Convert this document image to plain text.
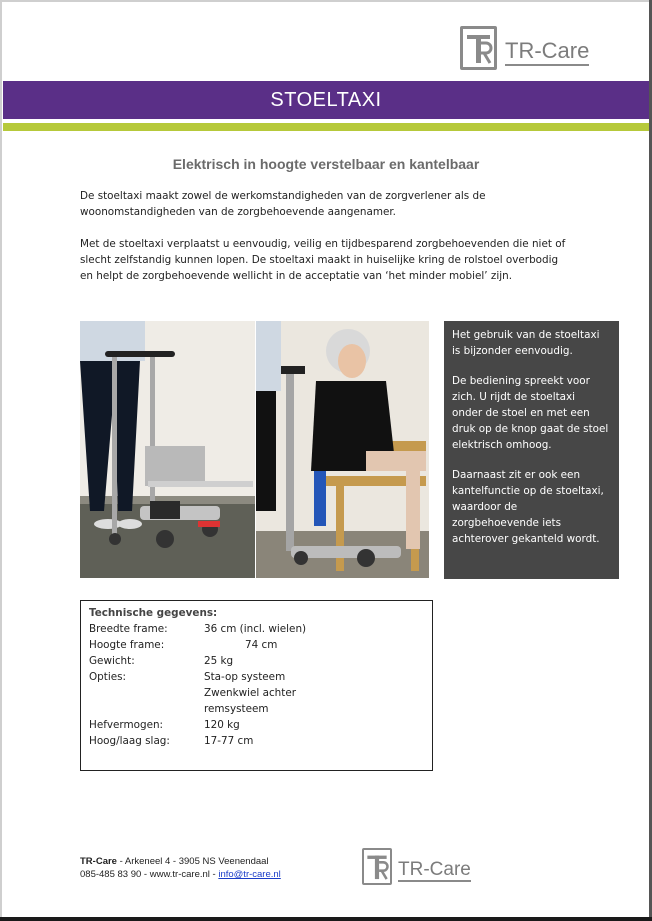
TR-Care
STOELTAXI
Elektrisch in hoogte verstelbaar en kantelbaar
De stoeltaxi maakt zowel de werkomstandigheden van de zorgverlener als de
woonomstandigheden van de zorgbehoevende aangenamer.
Met de stoeltaxi verplaatst u eenvoudig, veilig en tijdbesparend zorgbehoevenden die niet of
slecht zelfstandig kunnen lopen. De stoeltaxi maakt in huiselijke kring de rolstoel overbodig
en helpt de zorgbehoevende wellicht in de acceptatie van ‘het minder mobiel’ zijn.

Het gebruik van de stoeltaxi
is bijzonder eenvoudig.

De bediening spreekt voor
zich. U rijdt de stoeltaxi
onder de stoel en met een
druk op de knop gaat de stoel
elektrisch omhoog.

Daarnaast zit er ook een
kantelfunctie op de stoeltaxi,
waardoor de
zorgbehoevende iets
achterover gekanteld wordt.

Technische gegevens:
Breedte frame:	36 cm (incl. wielen)
Hoogte frame:	74 cm
Gewicht:	25 kg
Opties:	Sta-op systeem
Zwenkwiel achter
remsysteem
Hefvermogen:	120 kg
Hoog/laag slag:	17-77 cm
TR-Care - Arkeneel 4 - 3905 NS Veenendaal
085-485 83 90 - www.tr-care.nl - info@tr-care.nl	TR-Care
